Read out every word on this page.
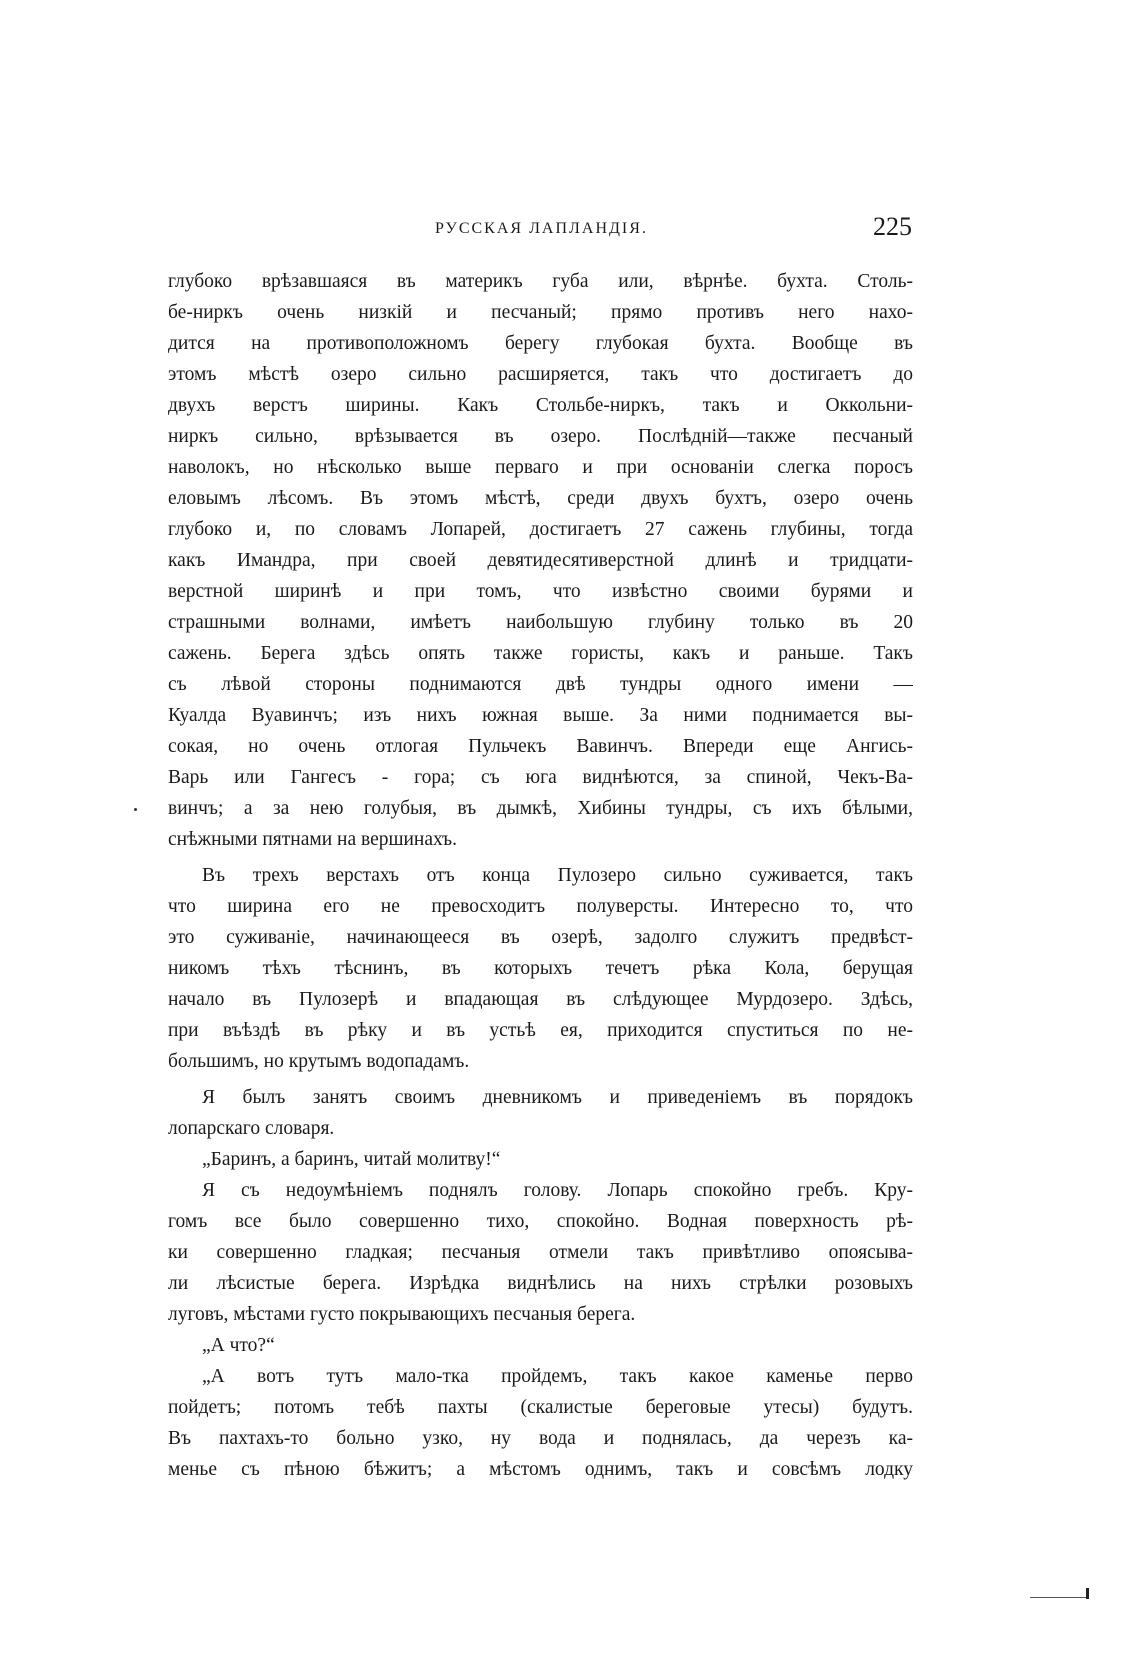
РУССКАЯ ЛАПЛАНДІЯ.	225
глубоко врѣзавшаяся въ материкъ губа или, вѣрнѣе. бухта. Столь-
бе-ниркъ очень низкій и песчаный; прямо противъ него нахо-
дится на противоположномъ берегу глубокая бухта. Вообще въ
этомъ мѣстѣ озеро сильно расширяется, такъ что достигаетъ до
двухъ верстъ ширины. Какъ Стольбе-ниркъ, такъ и Оккольни-
ниркъ сильно, врѣзывается въ озеро. Послѣдній—также песчаный
наволокъ, но нѣсколько выше перваго и при основаніи слегка поросъ
еловымъ лѣсомъ. Въ этомъ мѣстѣ, среди двухъ бухтъ, озеро очень
глубоко и, по словамъ Лопарей, достигаетъ 27 сажень глубины, тогда
какъ Имандра, при своей девятидесятиверстной длинѣ и тридцати-
верстной ширинѣ и при томъ, что извѣстно своими бурями и
страшными волнами, имѣетъ наибольшую глубину только въ 20
сажень. Берега здѣсь опять также гористы, какъ и раньше. Такъ
съ лѣвой стороны поднимаются двѣ тундры одного имени —
Куалда Вуавинчъ; изъ нихъ южная выше. За ними поднимается вы-
сокая, но очень отлогая Пульчекъ Вавинчъ. Впереди еще Ангись-
Варь или Гангесъ - гора; съ юга виднѣются, за спиной, Чекъ-Ва-
винчъ; а за нею голубыя, въ дымкѣ, Хибины тундры, съ ихъ бѣлыми,
снѣжными пятнами на вершинахъ.
Въ трехъ верстахъ отъ конца Пулозеро сильно суживается, такъ
что ширина его не превосходитъ полуверсты. Интересно то, что
это суживаніе, начинающееся въ озерѣ, задолго служитъ предвѣст-
никомъ тѣхъ тѣснинъ, въ которыхъ течетъ рѣка Кола, берущая
начало въ Пулозерѣ и впадающая въ слѣдующее Мурдозеро. Здѣсь,
при въѣздѣ въ рѣку и въ устьѣ ея, приходится спуститься по не-
большимъ, но крутымъ водопадамъ.
Я былъ занятъ своимъ дневникомъ и приведеніемъ въ порядокъ
лопарскаго словаря.
„Баринъ, а баринъ, читай молитву!“
Я съ недоумѣніемъ поднялъ голову. Лопарь спокойно гребъ. Кру-
гомъ все было совершенно тихо, спокойно. Водная поверхность рѣ-
ки совершенно гладкая; песчаныя отмели такъ привѣтливо опоясыва-
ли лѣсистые берега. Изрѣдка виднѣлись на нихъ стрѣлки розовыхъ
луговъ, мѣстами густо покрывающихъ песчаныя берега.
„А что?“
„А вотъ тутъ мало-тка пройдемъ, такъ какое каменье перво
пойдетъ; потомъ тебѣ пахты (скалистые береговые утесы) будутъ.
Въ пахтахъ-то больно узко, ну вода и поднялась, да черезъ ка-
менье съ пѣною бѣжитъ; а мѣстомъ однимъ, такъ и совсѣмъ лодку
